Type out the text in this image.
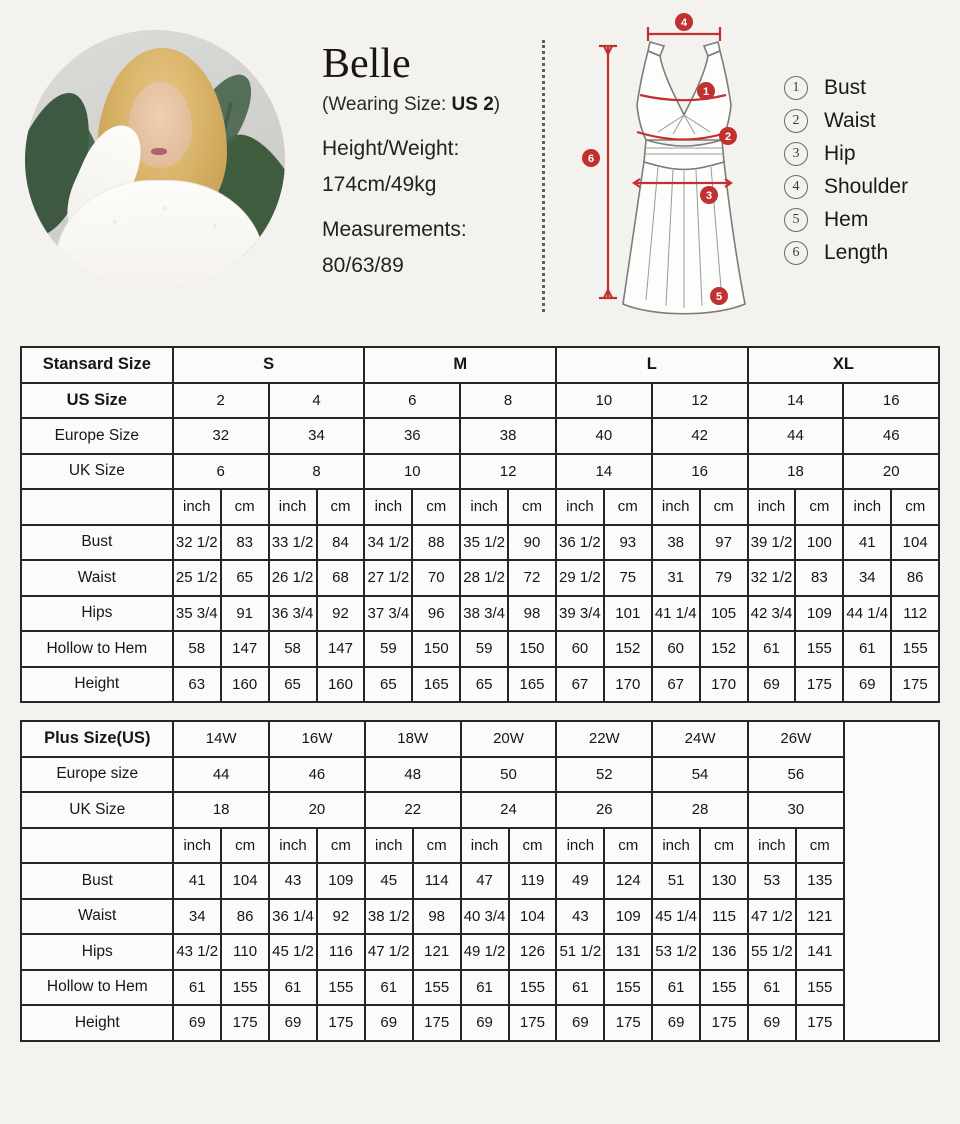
Belle
(Wearing Size: US 2)
Height/Weight:
174cm/49kg
Measurements:
80/63/89
1
2
3
4
5
6
1	Bust
2	Waist
3	Hip
4	Shoulder
5	Hem
6	Length
Stansard Size	S				M				L				XL			
US Size	2		4		6		8		10		12		14		16	
Europe Size	32		34		36		38		40		42		44		46	
UK Size	6		8		10		12		14		16		18		20	
	inch	cm	inch	cm	inch	cm	inch	cm	inch	cm	inch	cm	inch	cm	inch	cm
Bust	32 1/2	83	33 1/2	84	34 1/2	88	35 1/2	90	36 1/2	93	38	97	39 1/2	100	41	104
Waist	25 1/2	65	26 1/2	68	27 1/2	70	28 1/2	72	29 1/2	75	31	79	32 1/2	83	34	86
Hips	35 3/4	91	36 3/4	92	37 3/4	96	38 3/4	98	39 3/4	101	41 1/4	105	42 3/4	109	44 1/4	112
Hollow to Hem	58	147	58	147	59	150	59	150	60	152	60	152	61	155	61	155
Height	63	160	65	160	65	165	65	165	67	170	67	170	69	175	69	175
Plus Size(US)	14W		16W		18W		20W		22W		24W		26W		
Europe size	44		46		48		50		52		54		56		
UK Size	18		20		22		24		26		28		30		
	inch	cm	inch	cm	inch	cm	inch	cm	inch	cm	inch	cm	inch	cm	
Bust	41	104	43	109	45	114	47	119	49	124	51	130	53	135	
Waist	34	86	36 1/4	92	38 1/2	98	40 3/4	104	43	109	45 1/4	115	47 1/2	121	
Hips	43 1/2	110	45 1/2	116	47 1/2	121	49 1/2	126	51 1/2	131	53 1/2	136	55 1/2	141	
Hollow to Hem	61	155	61	155	61	155	61	155	61	155	61	155	61	155	
Height	69	175	69	175	69	175	69	175	69	175	69	175	69	175	
